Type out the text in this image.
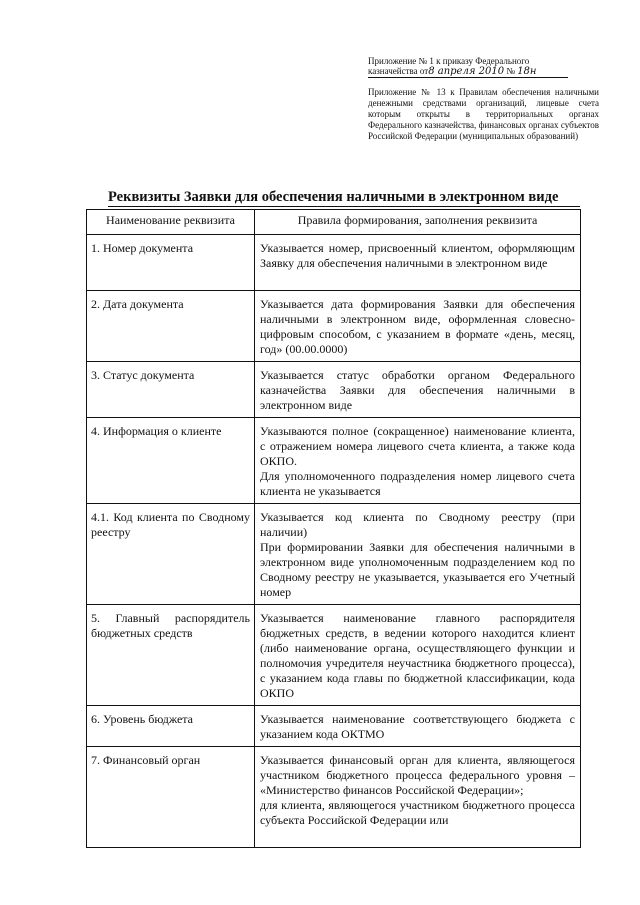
Приложение № 1 к приказу Федерального
казначейства от8 апреля 2010 № 18н
Приложение № 13 к Правилам обеспечения наличными денежными средствами организаций, лицевые счета которым открыты в территориальных органах Федерального казначейства, финансовых органах субъектов Российской Федерации (муниципальных образований)
Реквизиты Заявки для обеспечения наличными в электронном виде
Наименование реквизита	Правила формирования, заполнения реквизита
1. Номер документа	Указывается номер, присвоенный клиентом, оформляющим Заявку для обеспечения наличными в электронном виде

2. Дата документа	Указывается дата формирования Заявки для обеспечения наличными в электронном виде, оформленная словесно-цифровым способом, с указанием в формате «день, месяц, год» (00.00.0000)

3. Статус документа	Указывается статус обработки органом Федерального казначейства Заявки для обеспечения наличными в электронном виде

4. Информация о клиенте	Указываются полное (сокращенное) наименование клиента, с отражением номера лицевого счета клиента, а также кода ОКПО.

Для уполномоченного подразделения номер лицевого счета клиента не указывается

4.1. Код клиента по Сводному реестру	Указывается код клиента по Сводному реестру (при наличии)

При формировании Заявки для обеспечения наличными в электронном виде уполномоченным подразделением код по Сводному реестру не указывается, указывается его Учетный номер

5. Главный распорядитель бюджетных средств	Указывается наименование главного распорядителя бюджетных средств, в ведении которого находится клиент (либо наименование органа, осуществляющего функции и полномочия учредителя неучастника бюджетного процесса), с указанием кода главы по бюджетной классификации, кода ОКПО

6. Уровень бюджета	Указывается наименование соответствующего бюджета с указанием кода ОКТМО

7. Финансовый орган	Указывается финансовый орган для клиента, являющегося участником бюджетного процесса федерального уровня – «Министерство финансов Российской Федерации»;

для клиента, являющегося участником бюджетного процесса субъекта Российской Федерации или
